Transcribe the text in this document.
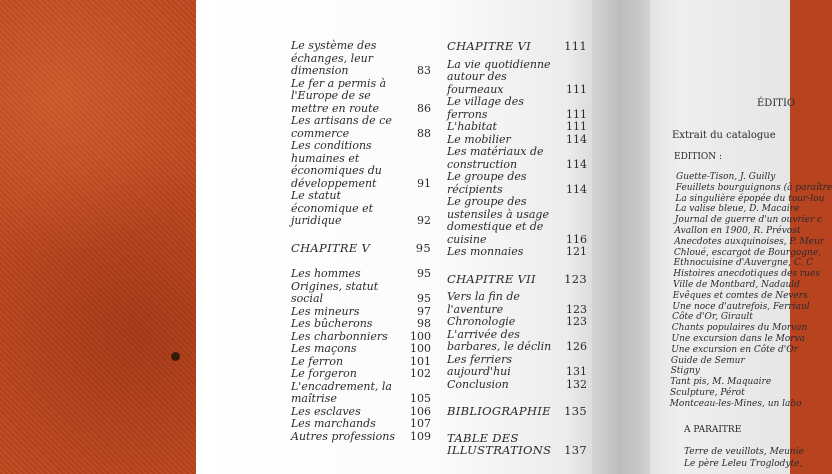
Le système des échanges, leur dimension	83
Le fer a permis à l'Europe de se mettre en route	86
Les artisans de ce commerce	88
Les conditions humaines et économiques du développement	91
Le statut économique et juridique	92
CHAPITRE V	95
Les hommes	95
Origines, statut social	95
Les mineurs	97
Les bûcherons	98
Les charbonniers	100
Les maçons	100
Le ferron	101
Le forgeron	102
L'encadrement, la maîtrise	105
Les esclaves	106
Les marchands	107
Autres professions	109
CHAPITRE VI	111
La vie quotidienne autour des fourneaux	111
Le village des ferrons	111
L'habitat	111
Le mobilier	114
Les matériaux de construction	114
Le groupe des récipients	114
Le groupe des ustensiles à usage domestique et de cuisine	116
Les monnaies	121
CHAPITRE VII	123
Vers la fin de l'aventure	123
Chronologie	123
L'arrivée des barbares, le déclin	126
Les ferriers aujourd'hui	131
Conclusion	132
BIBLIOGRAPHIE	135
TABLE DES ILLUSTRATIONS	137
ÉDITIO
Extrait du catalogue
EDITION :
Guette-Tison, J. Guilly
Feuillets bourguignons (à paraître
La singulière épopée du tour-lou
La valise bleue, D. Macaire
Journal de guerre d'un ouvrier c
Avallon en 1900, R. Prévost
Anecdotes auxquinoises, P. Meur
Chloué, escargot de Bourgogne,
Ethnocuisine d'Auvergne, C. C
Histoires anecdotiques des rues
Ville de Montbard, Nadauld
Evêques et comtes de Nevers
Une noce d'autrefois, Ferriaul
Côte d'Or, Girault
Chants populaires du Morvan
Une excursion dans le Morva
Une excursion en Côte d'Or
Guide de Semur
Stigny
Tant pis, M. Maquaire
Sculpture, Pérot
Montceau-les-Mines, un labo
A PARAITRE
Terre de veuillots, Meunie
Le père Leleu Troglodyte,
